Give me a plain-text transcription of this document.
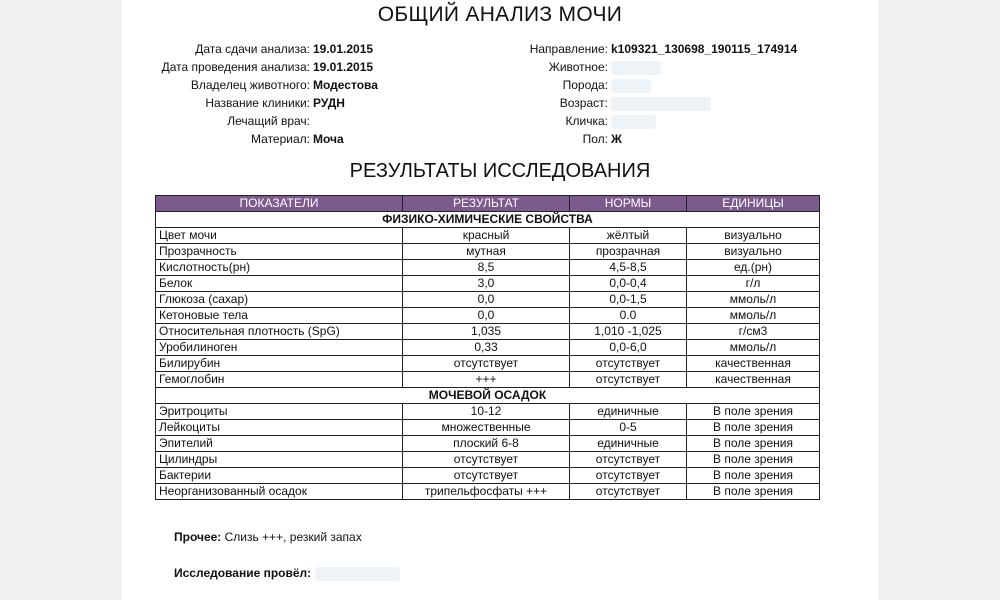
ОБЩИЙ АНАЛИЗ МОЧИ
Дата сдачи анализа: 19.01.2015
Дата проведения анализа: 19.01.2015
Владелец животного: Модестова
Название клиники: РУДН
Лечащий врач:
Материал: Моча
Направление: k109321_130698_190115_174914
Животное:
Порода:
Возраст:
Кличка:
Пол: Ж
РЕЗУЛЬТАТЫ ИССЛЕДОВАНИЯ
ПОКАЗАТЕЛИ	РЕЗУЛЬТАТ	НОРМЫ	ЕДИНИЦЫ
ФИЗИКО-ХИМИЧЕСКИЕ СВОЙСТВА			
Цвет мочи	красный	жёлтый	визуально
Прозрачность	мутная	прозрачная	визуально
Кислотность(рн)	8,5	4,5-8,5	ед.(рн)
Белок	3,0	0,0-0,4	г/л
Глюкоза (сахар)	0,0	0,0-1,5	ммоль/л
Кетоновые тела	0,0	0.0	ммоль/л
Относительная плотность (SpG)	1,035	1,010 -1,025	г/см3
Уробилиноген	0,33	0,0-6,0	ммоль/л
Билирубин	отсутствует	отсутствует	качественная
Гемоглобин	+++	отсутствует	качественная
МОЧЕВОЙ ОСАДОК			
Эритроциты	10-12	единичные	В поле зрения
Лейкоциты	множественные	0-5	В поле зрения
Эпителий	плоский 6-8	единичные	В поле зрения
Цилиндры	отсутствует	отсутствует	В поле зрения
Бактерии	отсутствует	отсутствует	В поле зрения
Неорганизованный осадок	трипельфосфаты +++	отсутствует	В поле зрения
Прочее: Слизь +++, резкий запах
Исследование провёл:
